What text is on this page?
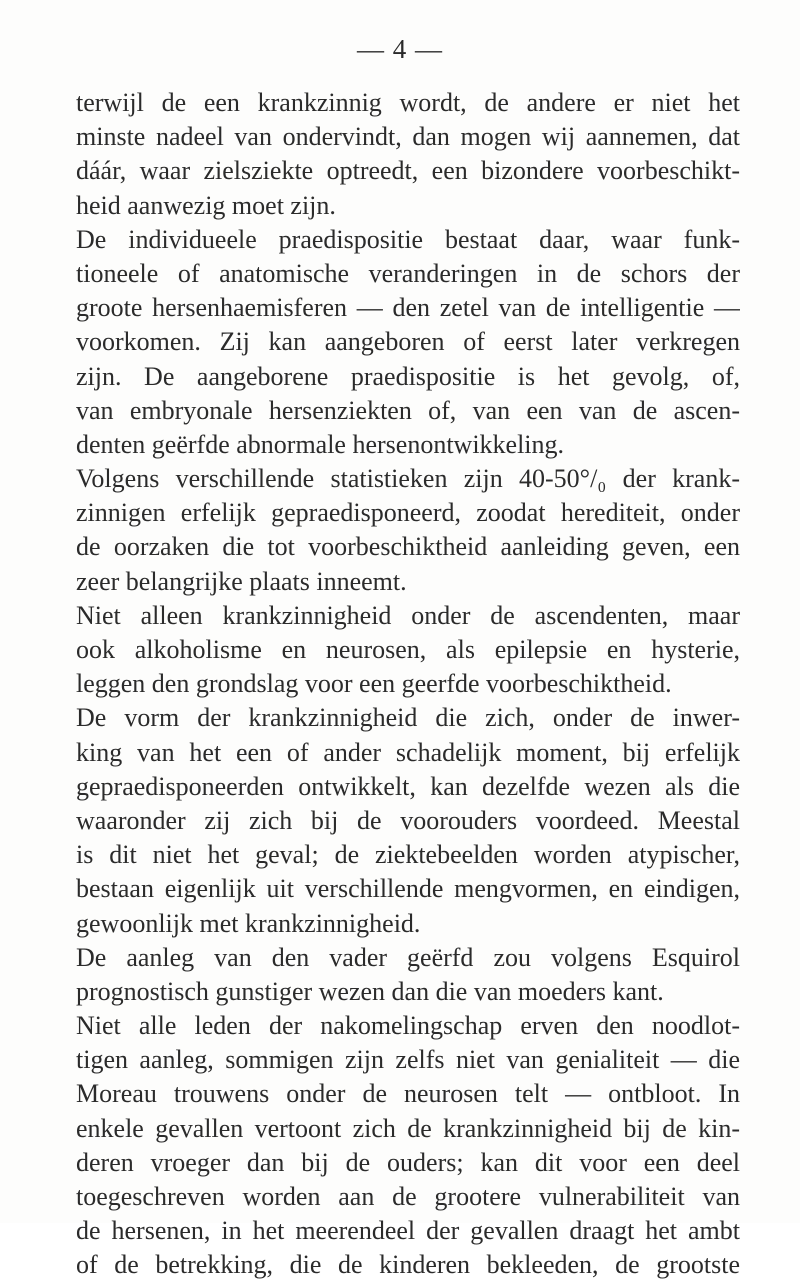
— 4 —
terwijl de een krankzinnig wordt, de andere er niet het
minste nadeel van ondervindt, dan mogen wij aannemen, dat
dáár, waar zielsziekte optreedt, een bizondere voorbeschikt-
heid aanwezig moet zijn.
De individueele praedispositie bestaat daar, waar funk-
tioneele of anatomische veranderingen in de schors der
groote hersenhaemisferen — den zetel van de intelligentie —
voorkomen. Zij kan aangeboren of eerst later verkregen
zijn. De aangeborene praedispositie is het gevolg, of,
van embryonale hersenziekten of, van een van de ascen-
denten geërfde abnormale hersenontwikkeling.
Volgens verschillende statistieken zijn 40-50°/₀ der krank-
zinnigen erfelijk gepraedisponeerd, zoodat herediteit, onder
de oorzaken die tot voorbeschiktheid aanleiding geven, een
zeer belangrijke plaats inneemt.
Niet alleen krankzinnigheid onder de ascendenten, maar
ook alkoholisme en neurosen, als epilepsie en hysterie,
leggen den grondslag voor een geerfde voorbeschiktheid.
De vorm der krankzinnigheid die zich, onder de inwer-
king van het een of ander schadelijk moment, bij erfelijk
gepraedisponeerden ontwikkelt, kan dezelfde wezen als die
waaronder zij zich bij de voorouders voordeed. Meestal
is dit niet het geval; de ziektebeelden worden atypischer,
bestaan eigenlijk uit verschillende mengvormen, en eindigen,
gewoonlijk met krankzinnigheid.
De aanleg van den vader geërfd zou volgens Esquirol
prognostisch gunstiger wezen dan die van moeders kant.
Niet alle leden der nakomelingschap erven den noodlot-
tigen aanleg, sommigen zijn zelfs niet van genialiteit — die
Moreau trouwens onder de neurosen telt — ontbloot. In
enkele gevallen vertoont zich de krankzinnigheid bij de kin-
deren vroeger dan bij de ouders; kan dit voor een deel
toegeschreven worden aan de grootere vulnerabiliteit van
de hersenen, in het meerendeel der gevallen draagt het ambt
of de betrekking, die de kinderen bekleeden, de grootste
